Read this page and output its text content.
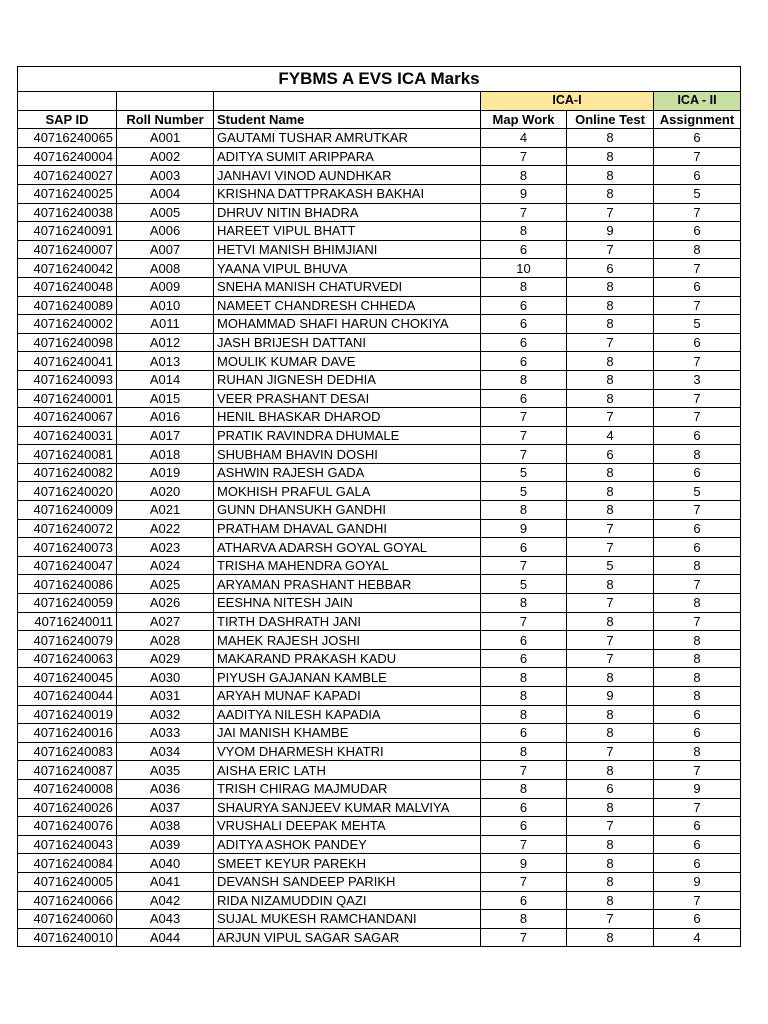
FYBMS A EVS ICA Marks					
			ICA-I		ICA - II
SAP ID	Roll Number	Student Name	Map Work	Online Test	Assignment
40716240065	A001	GAUTAMI TUSHAR AMRUTKAR	4	8	6
40716240004	A002	ADITYA SUMIT ARIPPARA	7	8	7
40716240027	A003	JANHAVI VINOD AUNDHKAR	8	8	6
40716240025	A004	KRISHNA DATTPRAKASH BAKHAI	9	8	5
40716240038	A005	DHRUV NITIN BHADRA	7	7	7
40716240091	A006	HAREET VIPUL BHATT	8	9	6
40716240007	A007	HETVI MANISH BHIMJIANI	6	7	8
40716240042	A008	YAANA VIPUL BHUVA	10	6	7
40716240048	A009	SNEHA MANISH CHATURVEDI	8	8	6
40716240089	A010	NAMEET CHANDRESH CHHEDA	6	8	7
40716240002	A011	MOHAMMAD SHAFI HARUN CHOKIYA	6	8	5
40716240098	A012	JASH BRIJESH DATTANI	6	7	6
40716240041	A013	MOULIK KUMAR DAVE	6	8	7
40716240093	A014	RUHAN JIGNESH DEDHIA	8	8	3
40716240001	A015	VEER PRASHANT DESAI	6	8	7
40716240067	A016	HENIL BHASKAR DHAROD	7	7	7
40716240031	A017	PRATIK RAVINDRA DHUMALE	7	4	6
40716240081	A018	SHUBHAM BHAVIN DOSHI	7	6	8
40716240082	A019	ASHWIN RAJESH GADA	5	8	6
40716240020	A020	MOKHISH PRAFUL GALA	5	8	5
40716240009	A021	GUNN DHANSUKH GANDHI	8	8	7
40716240072	A022	PRATHAM DHAVAL GANDHI	9	7	6
40716240073	A023	ATHARVA ADARSH GOYAL GOYAL	6	7	6
40716240047	A024	TRISHA MAHENDRA GOYAL	7	5	8
40716240086	A025	ARYAMAN PRASHANT HEBBAR	5	8	7
40716240059	A026	EESHNA NITESH JAIN	8	7	8
40716240011	A027	TIRTH DASHRATH JANI	7	8	7
40716240079	A028	MAHEK RAJESH JOSHI	6	7	8
40716240063	A029	MAKARAND PRAKASH KADU	6	7	8
40716240045	A030	PIYUSH GAJANAN KAMBLE	8	8	8
40716240044	A031	ARYAH MUNAF KAPADI	8	9	8
40716240019	A032	AADITYA NILESH KAPADIA	8	8	6
40716240016	A033	JAI MANISH KHAMBE	6	8	6
40716240083	A034	VYOM DHARMESH KHATRI	8	7	8
40716240087	A035	AISHA ERIC LATH	7	8	7
40716240008	A036	TRISH CHIRAG MAJMUDAR	8	6	9
40716240026	A037	SHAURYA SANJEEV KUMAR MALVIYA	6	8	7
40716240076	A038	VRUSHALI DEEPAK MEHTA	6	7	6
40716240043	A039	ADITYA ASHOK PANDEY	7	8	6
40716240084	A040	SMEET KEYUR PAREKH	9	8	6
40716240005	A041	DEVANSH SANDEEP PARIKH	7	8	9
40716240066	A042	RIDA NIZAMUDDIN QAZI	6	8	7
40716240060	A043	SUJAL MUKESH RAMCHANDANI	8	7	6
40716240010	A044	ARJUN VIPUL SAGAR SAGAR	7	8	4
